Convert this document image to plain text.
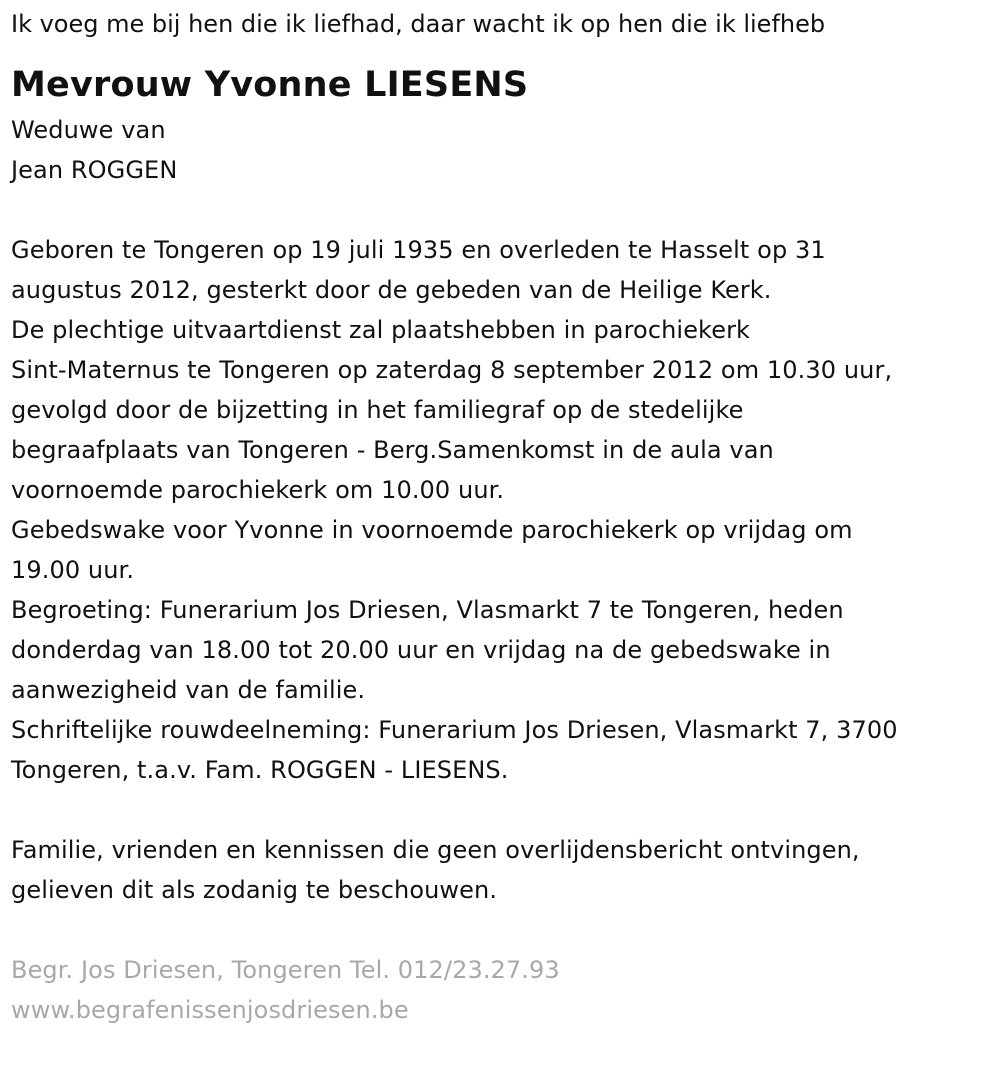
Ik voeg me bij hen die ik liefhad, daar wacht ik op hen die ik liefheb
Mevrouw Yvonne LIESENS
Weduwe van
Jean ROGGEN
Geboren te Tongeren op 19 juli 1935 en overleden te Hasselt op 31
augustus 2012, gesterkt door de gebeden van de Heilige Kerk.
De plechtige uitvaartdienst zal plaatshebben in parochiekerk
Sint-Maternus te Tongeren op zaterdag 8 september 2012 om 10.30 uur,
gevolgd door de bijzetting in het familiegraf op de stedelijke
begraafplaats van Tongeren - Berg.Samenkomst in de aula van
voornoemde parochiekerk om 10.00 uur.
Gebedswake voor Yvonne in voornoemde parochiekerk op vrijdag om
19.00 uur.
Begroeting: Funerarium Jos Driesen, Vlasmarkt 7 te Tongeren, heden
donderdag van 18.00 tot 20.00 uur en vrijdag na de gebedswake in
aanwezigheid van de familie.
Schriftelijke rouwdeelneming: Funerarium Jos Driesen, Vlasmarkt 7, 3700
Tongeren, t.a.v. Fam. ROGGEN - LIESENS.
Familie, vrienden en kennissen die geen overlijdensbericht ontvingen,
gelieven dit als zodanig te beschouwen.
Begr. Jos Driesen, Tongeren Tel. 012/23.27.93
www.begrafenissenjosdriesen.be
